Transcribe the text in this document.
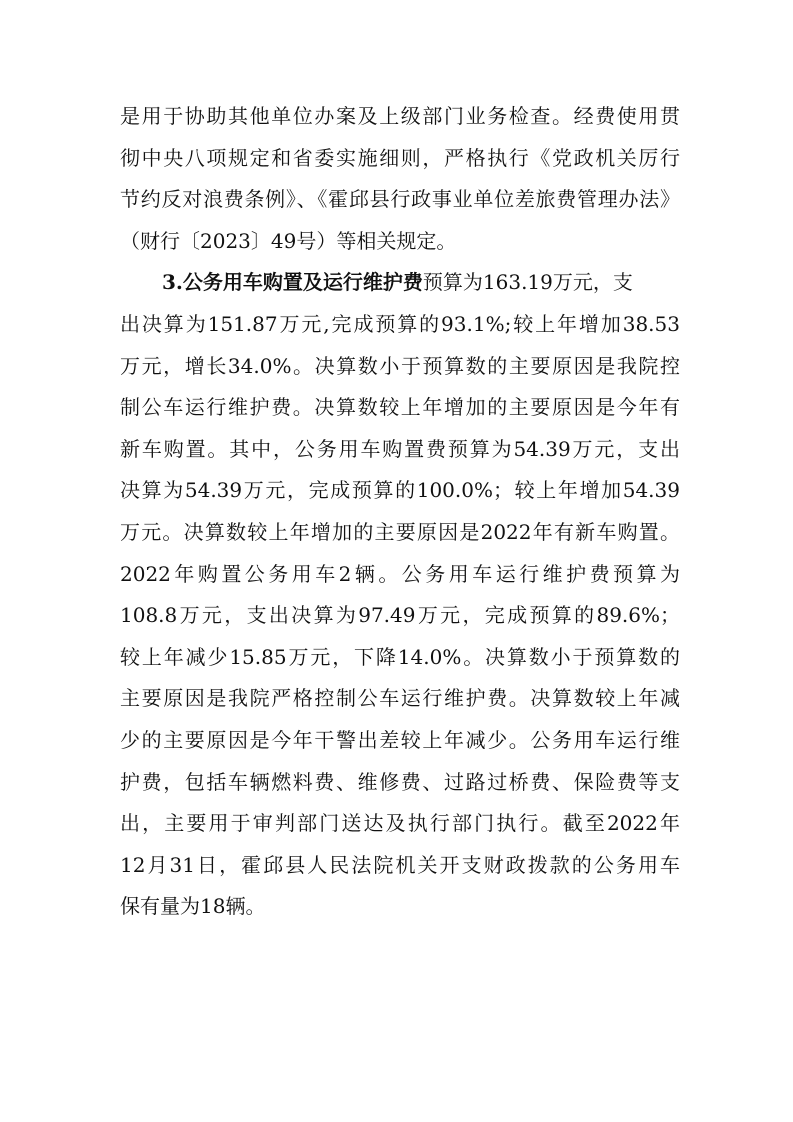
是用于协助其他单位办案及上级部门业务检查。经费使用贯
彻中央八项规定和省委实施细则，严格执行《党政机关厉行
节约反对浪费条例》、《霍邱县行政事业单位差旅费管理办法》
（财行〔2023〕49号）等相关规定。
3.公务用车购置及运行维护费 预算为163.19万元，支
出决算为151.87万元,完成预算的93.1%;较上年增加38.53
万元，增长34.0%。决算数小于预算数的主要原因是我院控
制公车运行维护费。决算数较上年增加的主要原因是今年有
新车购置。其中，公务用车购置费预算为54.39万元，支出
决算为54.39万元，完成预算的100.0%；较上年增加54.39
万元。决算数较上年增加的主要原因是2022年有新车购置。
2022年购置公务用车2辆。公务用车运行维护费预算为
108.8万元，支出决算为97.49万元，完成预算的89.6%；
较上年减少15.85万元，下降14.0%。决算数小于预算数的
主要原因是我院严格控制公车运行维护费。决算数较上年减
少的主要原因是今年干警出差较上年减少。公务用车运行维
护费，包括车辆燃料费、维修费、过路过桥费、保险费等支
出，主要用于审判部门送达及执行部门执行。截至2022年
12月31日，霍邱县人民法院机关开支财政拨款的公务用车
保有量为18辆。
